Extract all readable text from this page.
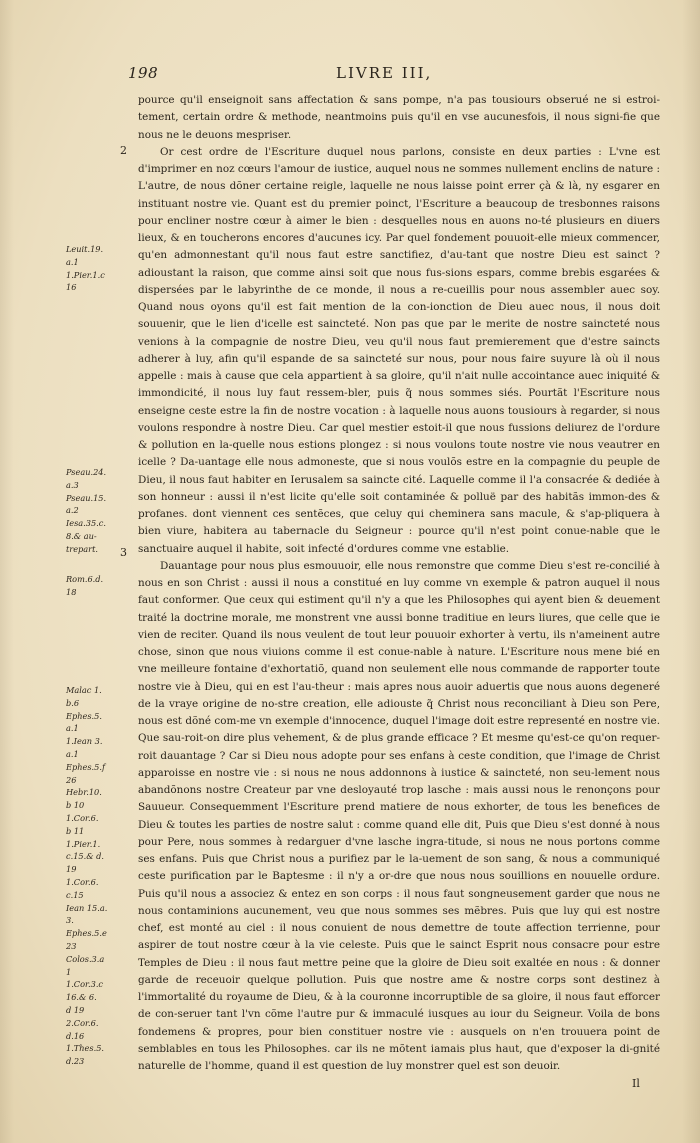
198	LIVRE III,
2
3
Leuit.19.
a.1
1.Pier.1.c
16
Pseau.24.
a.3
Pseau.15.
a.2
Iesa.35.c.
8.& au-
trepart.
Rom.6.d.
18
Malac 1.
b.6
Ephes.5.
a.1
1.Iean 3.
a.1
Ephes.5.f
26
Hebr.10.
b 10
1.Cor.6.
b 11
1.Pier.1.
c.15.& d.
19
1.Cor.6.
c.15
Iean 15.a.
3.
Ephes.5.e
23
Colos.3.a
1
1.Cor.3.c
16.& 6.
d 19
2.Cor.6.
d.16
1.Thes.5.
d.23

pource qu'il enseignoit sans affectation & sans pompe, n'a pas tousiours obserué ne si estroi-tement, certain ordre & methode, neantmoins puis qu'il en vse aucunesfois, il nous signi-fie que nous ne le deuons mespriser.

Or cest ordre de l'Escriture duquel nous parlons, consiste en deux parties : L'vne est d'imprimer en noz cœurs l'amour de iustice, auquel nous ne sommes nullement enclins de nature : L'autre, de nous dõner certaine reigle, laquelle ne nous laisse point errer çà & là, ny esgarer en instituant nostre vie. Quant est du premier poinct, l'Escriture a beaucoup de tresbonnes raisons pour encliner nostre cœur à aimer le bien : desquelles nous en auons no-té plusieurs en diuers lieux, & en toucherons encores d'aucunes icy. Par quel fondement pouuoit-elle mieux commencer, qu'en admonnestant qu'il nous faut estre sanctifiez, d'au-tant que nostre Dieu est sainct ? adioustant la raison, que comme ainsi soit que nous fus-sions espars, comme brebis esgarées & dispersées par le labyrinthe de ce monde, il nous a re-cueillis pour nous assembler auec soy. Quand nous oyons qu'il est fait mention de la con-ionction de Dieu auec nous, il nous doit souuenir, que le lien d'icelle est saincteté. Non pas que par le merite de nostre saincteté nous venions à la compagnie de nostre Dieu, veu qu'il nous faut premierement que d'estre saincts adherer à luy, afin qu'il espande de sa saincteté sur nous, pour nous faire suyure là où il nous appelle : mais à cause que cela appartient à sa gloire, qu'il n'ait nulle accointance auec iniquité & immondicité, il nous luy faut ressem-bler, puis q̃ nous sommes siés. Pourtãt l'Escriture nous enseigne ceste estre la fin de nostre vocation : à laquelle nous auons tousiours à regarder, si nous voulons respondre à nostre Dieu. Car quel mestier estoit-il que nous fussions deliurez de l'ordure & pollution en la-quelle nous estions plongez : si nous voulons toute nostre vie nous veautrer en icelle ? Da-uantage elle nous admoneste, que si nous voulõs estre en la compagnie du peuple de Dieu, il nous faut habiter en Ierusalem sa saincte cité. Laquelle comme il l'a consacrée & dediée à son honneur : aussi il n'est licite qu'elle soit contaminée & polluë par des habitãs immon-des & profanes. dont viennent ces sentẽces, que celuy qui cheminera sans macule, & s'ap-pliquera à bien viure, habitera au tabernacle du Seigneur : pource qu'il n'est point conue-nable que le sanctuaire auquel il habite, soit infecté d'ordures comme vne establie.

Dauantage pour nous plus esmouuoir, elle nous remonstre que comme Dieu s'est re-concilié à nous en son Christ : aussi il nous a constitué en luy comme vn exemple & patron auquel il nous faut conformer. Que ceux qui estiment qu'il n'y a que les Philosophes qui ayent bien & deuement traité la doctrine morale, me monstrent vne aussi bonne traditiue en leurs liures, que celle que ie vien de reciter. Quand ils nous veulent de tout leur pouuoir exhorter à vertu, ils n'ameinent autre chose, sinon que nous viuions comme il est conue-nable à nature. L'Escriture nous mene bié en vne meilleure fontaine d'exhortatiõ, quand non seulement elle nous commande de rapporter toute nostre vie à Dieu, qui en est l'au-theur : mais apres nous auoir aduertis que nous auons degeneré de la vraye origine de no-stre creation, elle adiouste q̃ Christ nous reconciliant à Dieu son Pere, nous est dõné com-me vn exemple d'innocence, duquel l'image doit estre representé en nostre vie. Que sau-roit-on dire plus vehement, & de plus grande efficace ? Et mesme qu'est-ce qu'on requer-roit dauantage ? Car si Dieu nous adopte pour ses enfans à ceste condition, que l'image de Christ apparoisse en nostre vie : si nous ne nous addonnons à iustice & saincteté, non seu-lement nous abandõnons nostre Createur par vne desloyauté trop lasche : mais aussi nous le renonçons pour Sauueur. Consequemment l'Escriture prend matiere de nous exhorter, de tous les benefices de Dieu & toutes les parties de nostre salut : comme quand elle dit, Puis que Dieu s'est donné à nous pour Pere, nous sommes à redarguer d'vne lasche ingra-titude, si nous ne nous portons comme ses enfans. Puis que Christ nous a purifiez par le la-uement de son sang, & nous a communiqué ceste purification par le Baptesme : il n'y a or-dre que nous nous souillions en nouuelle ordure. Puis qu'il nous a associez & entez en son corps : il nous faut songneusement garder que nous ne nous contaminions aucunement, veu que nous sommes ses mẽbres. Puis que luy qui est nostre chef, est monté au ciel : il nous conuient de nous demettre de toute affection terrienne, pour aspirer de tout nostre cœur à la vie celeste. Puis que le sainct Esprit nous consacre pour estre Temples de Dieu : il nous faut mettre peine que la gloire de Dieu soit exaltée en nous : & donner garde de receuoir quelque pollution. Puis que nostre ame & nostre corps sont destinez à l'immortalité du royaume de Dieu, & à la couronne incorruptible de sa gloire, il nous faut efforcer de con-seruer tant l'vn cõme l'autre pur & immaculé iusques au iour du Seigneur. Voila de bons fondemens & propres, pour bien constituer nostre vie : ausquels on n'en trouuera point de semblables en tous les Philosophes. car ils ne mõtent iamais plus haut, que d'exposer la di-gnité naturelle de l'homme, quand il est question de luy monstrer quel est son deuoir.

Il
